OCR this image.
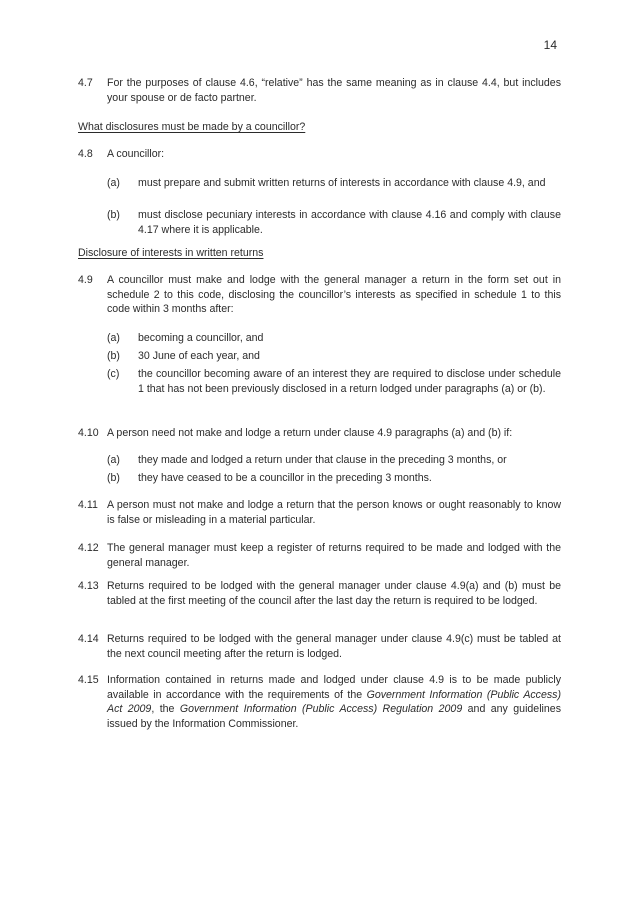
14
4.7 For the purposes of clause 4.6, “relative” has the same meaning as in clause 4.4, but includes your spouse or de facto partner.
What disclosures must be made by a councillor?
4.8 A councillor:
(a) must prepare and submit written returns of interests in accordance with clause 4.9, and
(b) must disclose pecuniary interests in accordance with clause 4.16 and comply with clause 4.17 where it is applicable.
Disclosure of interests in written returns
4.9 A councillor must make and lodge with the general manager a return in the form set out in schedule 2 to this code, disclosing the councillor’s interests as specified in schedule 1 to this code within 3 months after:
(a) becoming a councillor, and
(b) 30 June of each year, and
(c) the councillor becoming aware of an interest they are required to disclose under schedule 1 that has not been previously disclosed in a return lodged under paragraphs (a) or (b).
4.10 A person need not make and lodge a return under clause 4.9 paragraphs (a) and (b) if:
(a) they made and lodged a return under that clause in the preceding 3 months, or
(b) they have ceased to be a councillor in the preceding 3 months.
4.11 A person must not make and lodge a return that the person knows or ought reasonably to know is false or misleading in a material particular.
4.12 The general manager must keep a register of returns required to be made and lodged with the general manager.
4.13 Returns required to be lodged with the general manager under clause 4.9(a) and (b) must be tabled at the first meeting of the council after the last day the return is required to be lodged.
4.14 Returns required to be lodged with the general manager under clause 4.9(c) must be tabled at the next council meeting after the return is lodged.
4.15 Information contained in returns made and lodged under clause 4.9 is to be made publicly available in accordance with the requirements of the Government Information (Public Access) Act 2009, the Government Information (Public Access) Regulation 2009 and any guidelines issued by the Information Commissioner.
